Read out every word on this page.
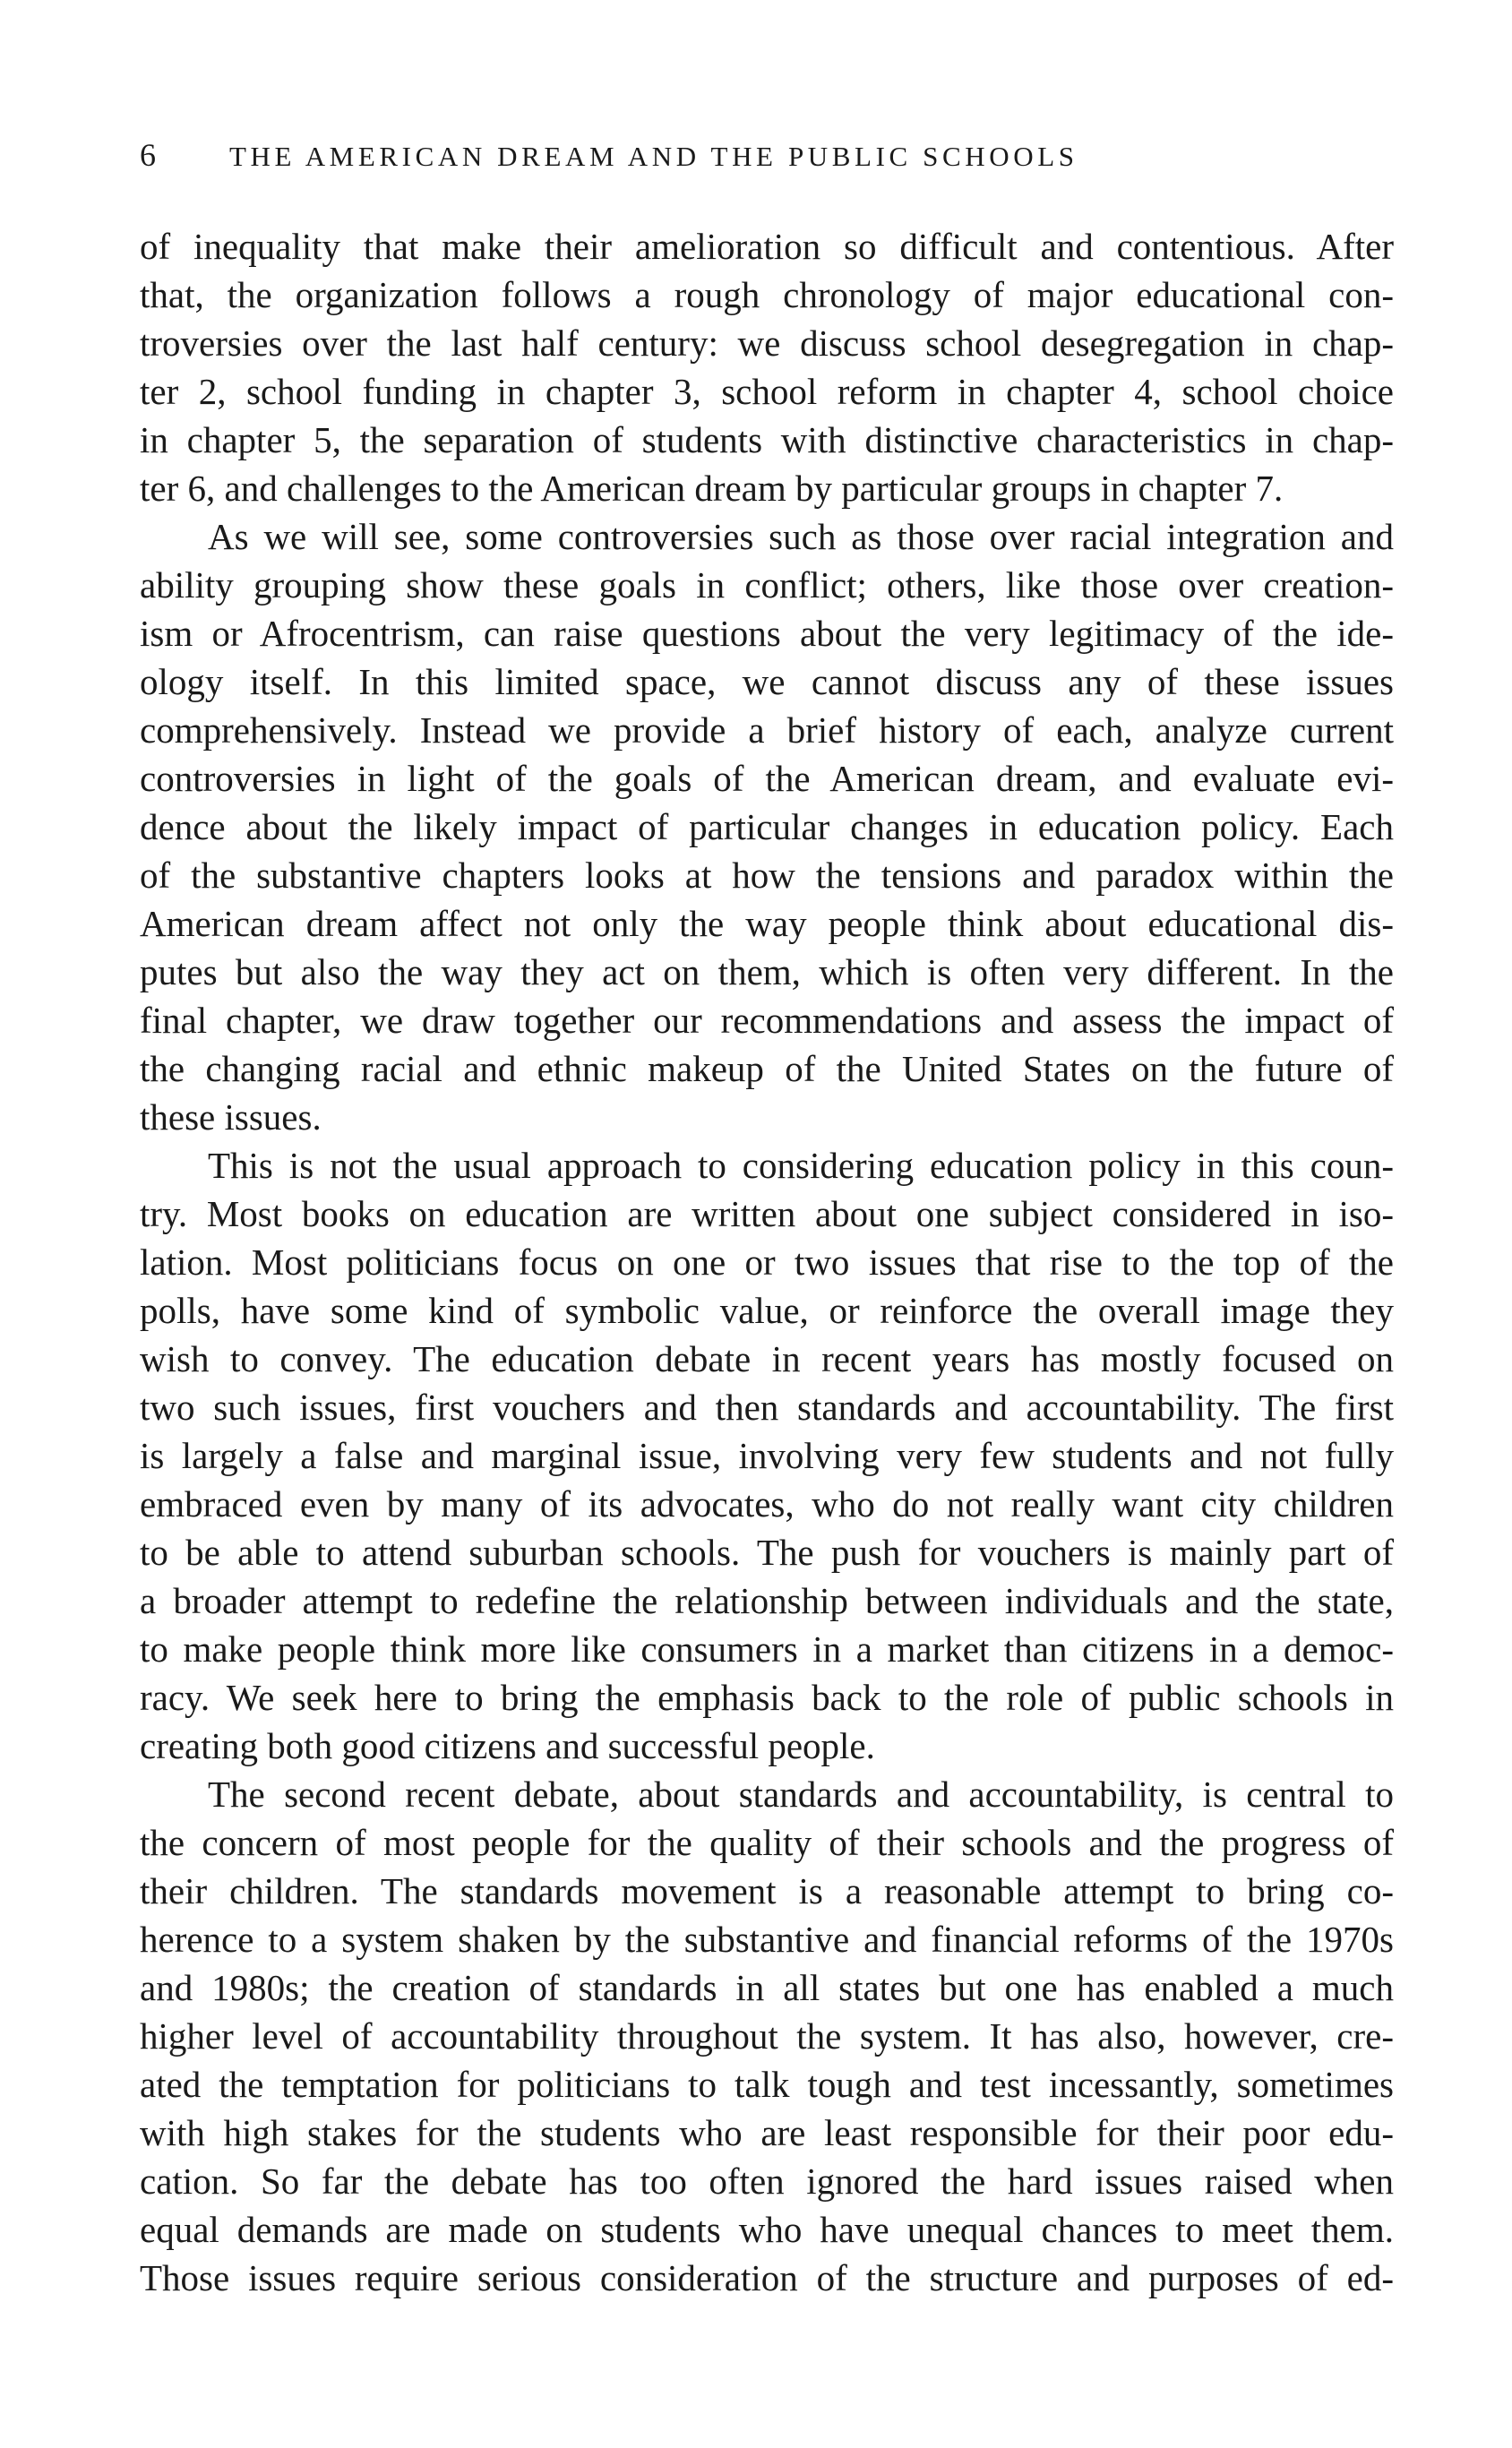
6	THE AMERICAN DREAM AND THE PUBLIC SCHOOLS
of inequality that make their amelioration so difficult and contentious. After
that, the organization follows a rough chronology of major educational con-
troversies over the last half century: we discuss school desegregation in chap-
ter 2, school funding in chapter 3, school reform in chapter 4, school choice
in chapter 5, the separation of students with distinctive characteristics in chap-
ter 6, and challenges to the American dream by particular groups in chapter 7.
As we will see, some controversies such as those over racial integration and
ability grouping show these goals in conflict; others, like those over creation-
ism or Afrocentrism, can raise questions about the very legitimacy of the ide-
ology itself. In this limited space, we cannot discuss any of these issues
comprehensively. Instead we provide a brief history of each, analyze current
controversies in light of the goals of the American dream, and evaluate evi-
dence about the likely impact of particular changes in education policy. Each
of the substantive chapters looks at how the tensions and paradox within the
American dream affect not only the way people think about educational dis-
putes but also the way they act on them, which is often very different. In the
final chapter, we draw together our recommendations and assess the impact of
the changing racial and ethnic makeup of the United States on the future of
these issues.
This is not the usual approach to considering education policy in this coun-
try. Most books on education are written about one subject considered in iso-
lation. Most politicians focus on one or two issues that rise to the top of the
polls, have some kind of symbolic value, or reinforce the overall image they
wish to convey. The education debate in recent years has mostly focused on
two such issues, first vouchers and then standards and accountability. The first
is largely a false and marginal issue, involving very few students and not fully
embraced even by many of its advocates, who do not really want city children
to be able to attend suburban schools. The push for vouchers is mainly part of
a broader attempt to redefine the relationship between individuals and the state,
to make people think more like consumers in a market than citizens in a democ-
racy. We seek here to bring the emphasis back to the role of public schools in
creating both good citizens and successful people.
The second recent debate, about standards and accountability, is central to
the concern of most people for the quality of their schools and the progress of
their children. The standards movement is a reasonable attempt to bring co-
herence to a system shaken by the substantive and financial reforms of the 1970s
and 1980s; the creation of standards in all states but one has enabled a much
higher level of accountability throughout the system. It has also, however, cre-
ated the temptation for politicians to talk tough and test incessantly, sometimes
with high stakes for the students who are least responsible for their poor edu-
cation. So far the debate has too often ignored the hard issues raised when
equal demands are made on students who have unequal chances to meet them.
Those issues require serious consideration of the structure and purposes of ed-
